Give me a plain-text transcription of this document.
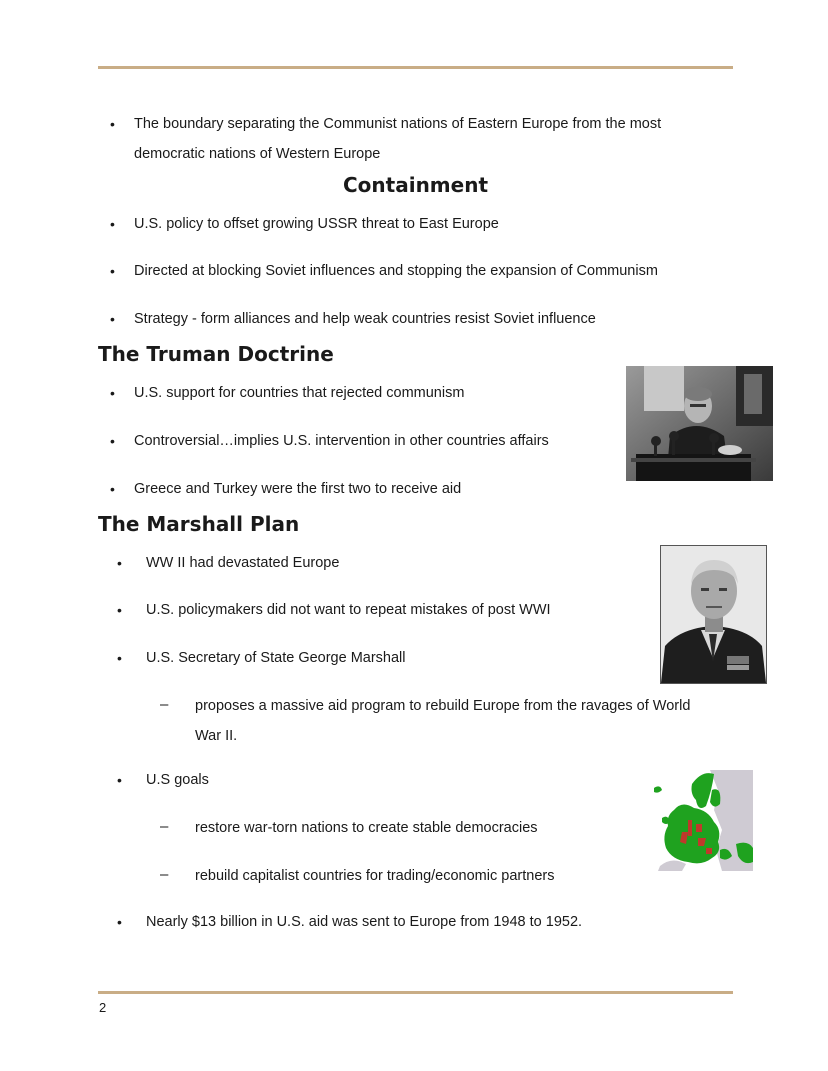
• The boundary separating the Communist nations of Eastern Europe from the most
democratic nations of Western Europe
Containment
• U.S. policy to offset growing USSR threat to East Europe
• Directed at blocking Soviet influences and stopping the expansion of Communism
• Strategy - form alliances and help weak countries resist Soviet influence
The Truman Doctrine
• U.S. support for countries that rejected communism
• Controversial…implies U.S. intervention in other countries affairs
• Greece and Turkey were the first two to receive aid
The Marshall Plan
• WW II had devastated Europe
• U.S. policymakers did not want to repeat mistakes of post WWI
• U.S. Secretary of State George Marshall
– proposes a massive aid program to rebuild Europe from the ravages of World
War II.
• U.S goals
– restore war-torn nations to create stable democracies
– rebuild capitalist countries for trading/economic partners
• Nearly $13 billion in U.S. aid was sent to Europe from 1948 to 1952.
2
